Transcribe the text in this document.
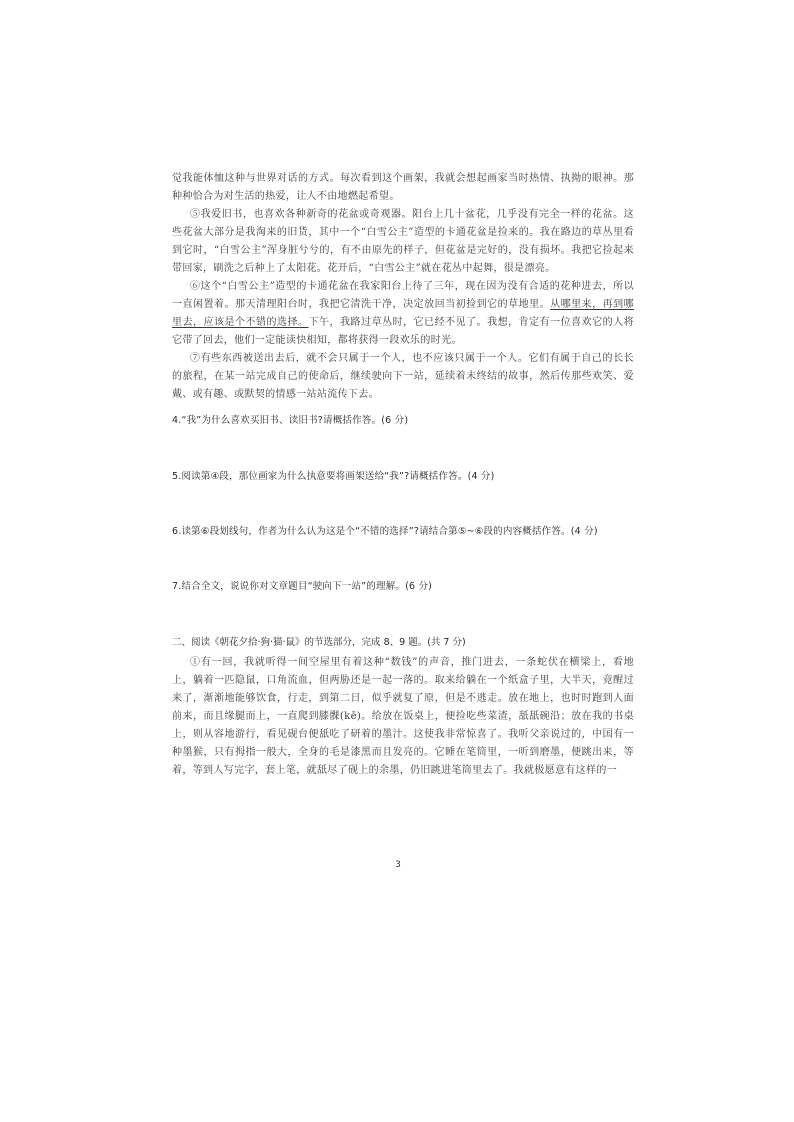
觉我能体恤这种与世界对话的方式。每次看到这个画架，我就会想起画家当时热情、执拗的眼神。那种种恰合为对生活的热爱，让人不由地燃起希望。

⑤我爱旧书，也喜欢各种新奇的花盆或奇观器。阳台上几十盆花，几乎没有完全一样的花盆。这些花盆大部分是我淘来的旧货，其中一个“白雪公主”造型的卡通花盆是捡来的。我在路边的草丛里看到它时，“白雪公主”浑身脏兮兮的，有不由原先的样子，但花盆是完好的，没有损坏。我把它捡起来带回家，刷洗之后种上了太阳花。花开后，“白雪公主”就在花丛中起舞，很是漂亮。

⑥这个“白雪公主”造型的卡通花盆在我家阳台上待了三年，现在因为没有合适的花种进去，所以一直闲置着。那天清理阳台时，我把它清洗干净，决定放回当初捡到它的草地里。从哪里来，再到哪里去，应该是个不错的选择。下午，我路过草丛时，它已经不见了。我想，肯定有一位喜欢它的人将它带了回去，他们一定能读快相知，都将获得一段欢乐的时光。

⑦有些东西被送出去后，就不会只属于一个人，也不应该只属于一个人。它们有属于自己的长长的旅程，在某一站完成自己的使命后，继续驶向下一站，延续着未终结的故事，然后传那些欢笑、爱戴、或有趣、或默契的情感一站站流传下去。

4.“我”为什么喜欢买旧书、读旧书?请概括作答。(6 分)

5.阅读第④段，那位画家为什么执意要将画架送给“我”?请概括作答。(4 分)

6.读第⑥段划线句，作者为什么认为这是个“不错的选择”?请结合第⑤~⑥段的内容概括作答。(4 分)

7.结合全文，说说你对文章题目“驶向下一站”的理解。(6 分)

二、阅读《朝花夕拾·狗·猫·鼠》的节选部分，完成 8、9 题。(共 7 分)

①有一回，我就听得一间空屋里有着这种“数钱”的声音，推门进去，一条蛇伏在横梁上，看地上，躺着一匹隐鼠，口角流血，但两胁还是一起一落的。取来给躺在一个纸盒子里，大半天，竟醒过来了，渐渐地能够饮食，行走，到第二日，似乎就复了原，但是不逃走。放在地上，也时时跑到人面前来，而且缘腿而上，一直爬到膝髁(kē)。给放在饭桌上，便捡吃些菜渣，舐舐碗沿；放在我的书桌上，则从容地游行，看见砚台便舐吃了研着的墨汁。这使我非常惊喜了。我听父亲说过的，中国有一种墨猴，只有拇指一般大，全身的毛是漆黑而且发亮的。它睡在笔筒里，一听到磨墨，便跳出来，等着，等到人写完字，套上笔，就舐尽了砚上的余墨，仍旧跳进笔筒里去了。我就极愿意有这样的一

3
